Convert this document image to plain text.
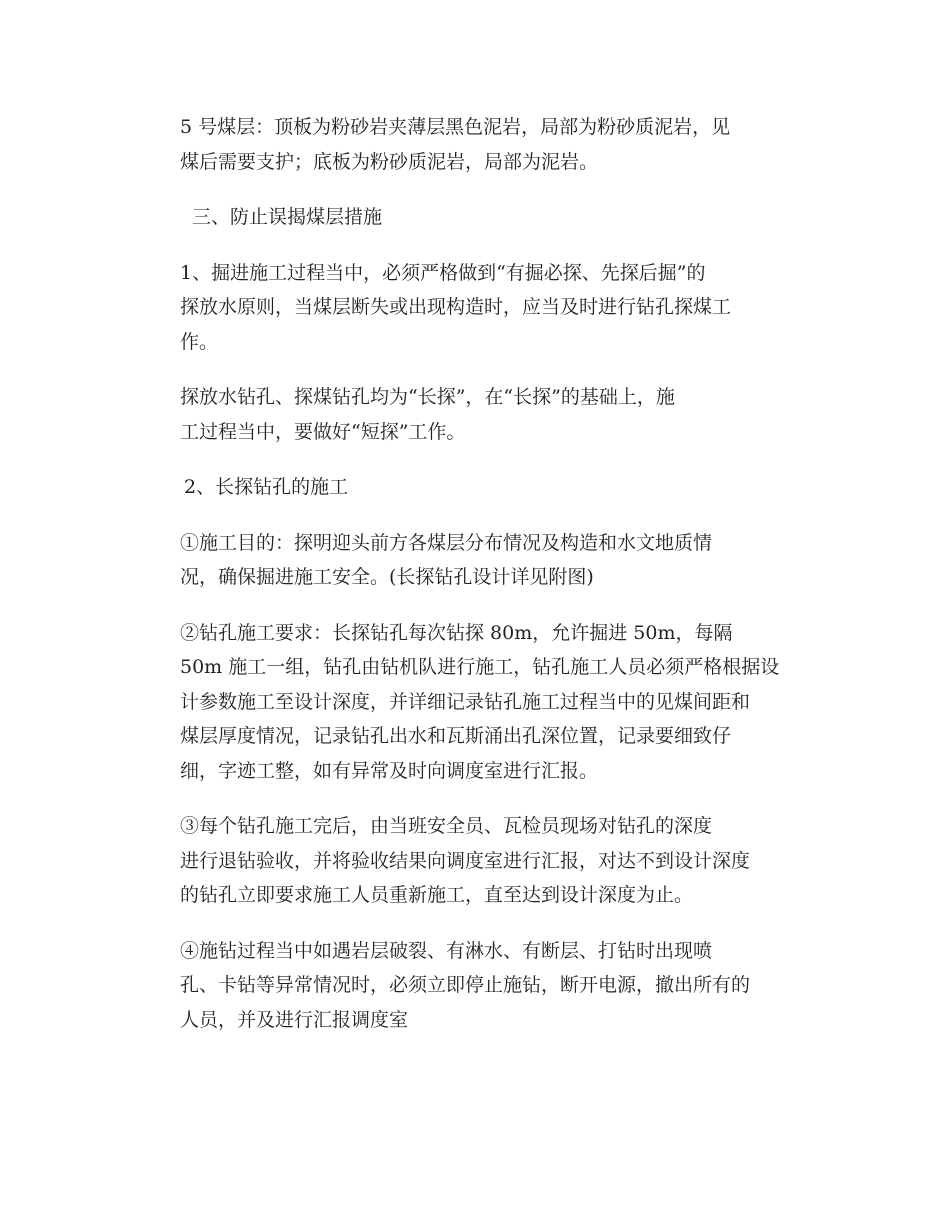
5 号煤层：顶板为粉砂岩夹薄层黑色泥岩，局部为粉砂质泥岩，见
煤后需要支护；底板为粉砂质泥岩，局部为泥岩。

三、防止误揭煤层措施

1、掘进施工过程当中，必须严格做到“有掘必探、先探后掘”的
探放水原则，当煤层断失或出现构造时，应当及时进行钻孔探煤工
作。

探放水钻孔、探煤钻孔均为“长探”，在“长探”的基础上，施
工过程当中，要做好“短探”工作。

2、长探钻孔的施工

①施工目的：探明迎头前方各煤层分布情况及构造和水文地质情
况，确保掘进施工安全。(长探钻孔设计详见附图)

②钻孔施工要求：长探钻孔每次钻探 80m，允许掘进 50m，每隔
50m 施工一组，钻孔由钻机队进行施工，钻孔施工人员必须严格根据设
计参数施工至设计深度，并详细记录钻孔施工过程当中的见煤间距和
煤层厚度情况，记录钻孔出水和瓦斯涌出孔深位置，记录要细致仔
细，字迹工整，如有异常及时向调度室进行汇报。

③每个钻孔施工完后，由当班安全员、瓦检员现场对钻孔的深度
进行退钻验收，并将验收结果向调度室进行汇报，对达不到设计深度
的钻孔立即要求施工人员重新施工，直至达到设计深度为止。

④施钻过程当中如遇岩层破裂、有淋水、有断层、打钻时出现喷
孔、卡钻等异常情况时，必须立即停止施钻，断开电源，撤出所有的
人员，并及进行汇报调度室
